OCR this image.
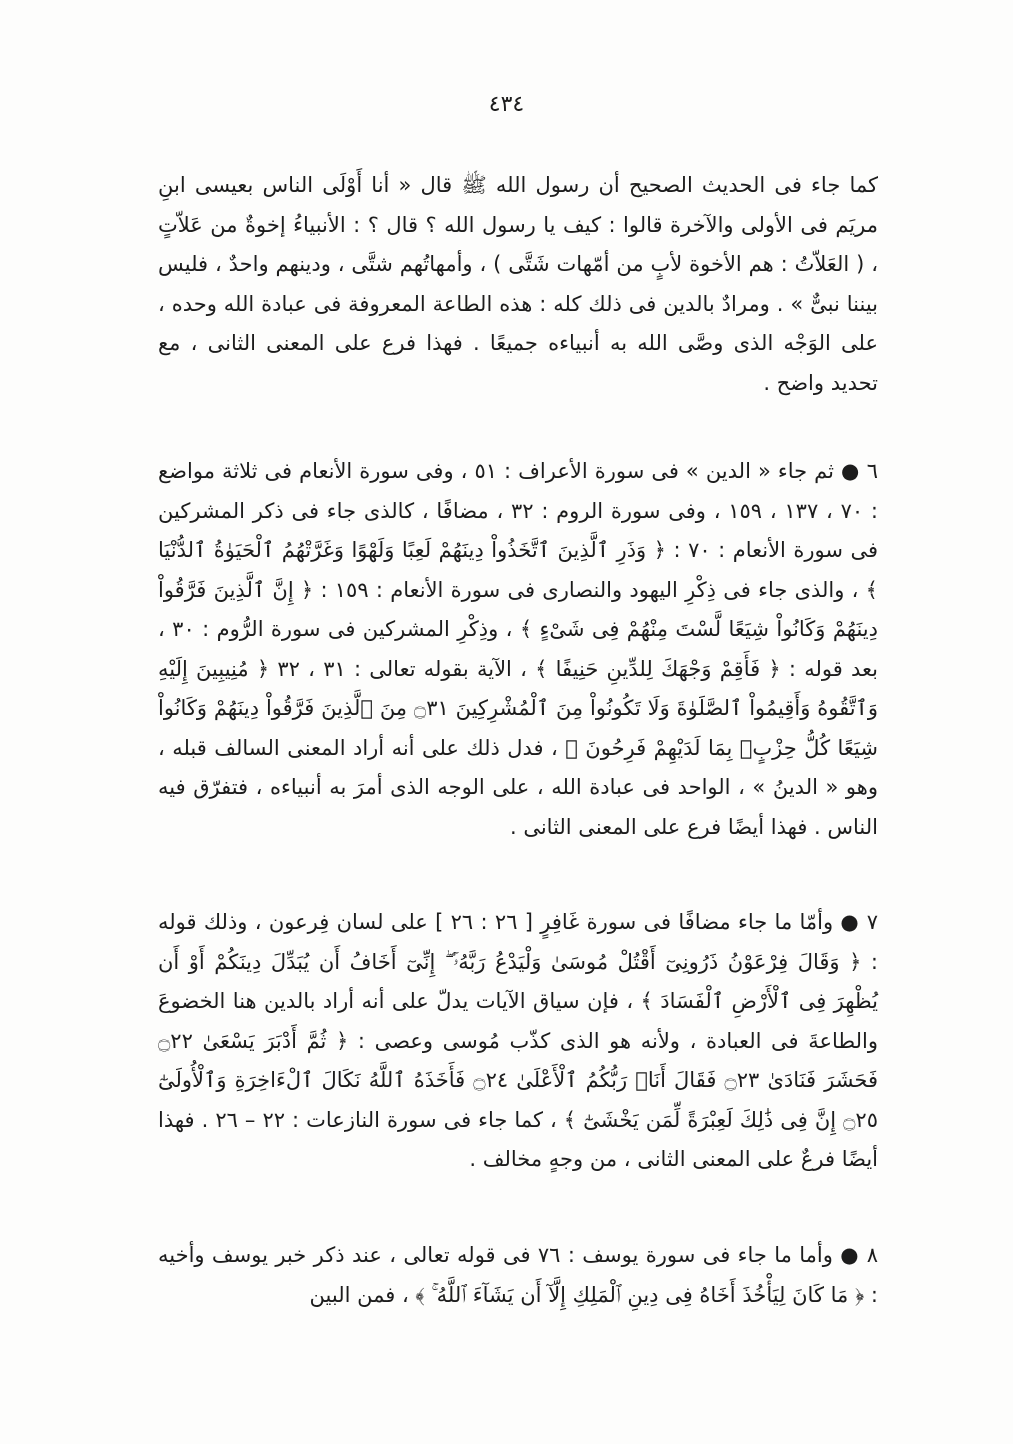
٤٣٤

كما جاء فى الحديث الصحيح أن رسول الله ﷺ قال « أنا أَوْلَى الناس بعيسى ابنِ مريَم فى الأولى والآخرة قالوا : كيف يا رسول الله ؟ قال ؟ : الأنبياءُ إخوةٌ من عَلاّتٍ ، ( العَلاّتُ : هم الأخوة لأبٍ من أمّهات شَتَّى ) ، وأمهاتُهم شتَّى ، ودينهم واحدٌ ، فليس بيننا نبىٌّ » . ومرادٌ بالدين فى ذلك كله : هذه الطاعة المعروفة فى عبادة الله وحده ، على الوَجْه الذى وصَّى الله به أنبياءه جميعًا . فهذا فرع على المعنى الثانى ، مع تحديد واضح .

٦ ● ثم جاء « الدين » فى سورة الأعراف : ٥١ ، وفى سورة الأنعام فى ثلاثة مواضع : ٧٠ ، ١٣٧ ، ١٥٩ ، وفى سورة الروم : ٣٢ ، مضافًا ، كالذى جاء فى ذكر المشركين فى سورة الأنعام : ٧٠ : ﴿ وَذَرِ ٱلَّذِينَ ٱتَّخَذُواْ دِينَهُمْ لَعِبًا وَلَهْوًا وَغَرَّتْهُمُ ٱلْحَيَوٰةُ ٱلدُّنْيَا ﴾ ، والذى جاء فى ذِكْرِ اليهود والنصارى فى سورة الأنعام : ١٥٩ : ﴿ إِنَّ ٱلَّذِينَ فَرَّقُواْ دِينَهُمْ وَكَانُواْ شِيَعًا لَّسْتَ مِنْهُمْ فِى شَىْءٍ ﴾ ، وذِكْرِ المشركين فى سورة الرُّوم : ٣٠ ، بعد قوله : ﴿ فَأَقِمْ وَجْهَكَ لِلدِّينِ حَنِيفًا ﴾ ، الآية بقوله تعالى : ٣١ ، ٣٢ ﴿ مُنِيبِينَ إِلَيْهِ وَٱتَّقُوهُ وَأَقِيمُواْ ٱلصَّلَوٰةَ وَلَا تَكُونُواْ مِنَ ٱلْمُشْرِكِينَ ۝٣١ مِنَ ٱلَّذِينَ فَرَّقُواْ دِينَهُمْ وَكَانُواْ شِيَعًا كُلُّ حِزْبٍۭ بِمَا لَدَيْهِمْ فَرِحُونَ ﴾ ، فدل ذلك على أنه أراد المعنى السالف قبله ، وهو « الدينُ » ، الواحد فى عبادة الله ، على الوجه الذى أمرَ به أنبياءه ، فتفرّق فيه الناس . فهذا أيضًا فرع على المعنى الثانى .

٧ ● وأمّا ما جاء مضافًا فى سورة غَافِرٍ [ ٢٦ : ٢٦ ] على لسان فِرعون ، وذلك قوله : ﴿ وَقَالَ فِرْعَوْنُ ذَرُونِىٓ أَقْتُلْ مُوسَىٰ وَلْيَدْعُ رَبَّهُۥٓ ۖ إِنِّىٓ أَخَافُ أَن يُبَدِّلَ دِينَكُمْ أَوْ أَن يُظْهِرَ فِى ٱلْأَرْضِ ٱلْفَسَادَ ﴾ ، فإن سياق الآيات يدلّ على أنه أراد بالدين هنا الخضوعَ والطاعةَ فى العبادة ، ولأنه هو الذى كذّب مُوسى وعصى : ﴿ ثُمَّ أَدْبَرَ يَسْعَىٰ ۝٢٢ فَحَشَرَ فَنَادَىٰ ۝٢٣ فَقَالَ أَنَا۠ رَبُّكُمُ ٱلْأَعْلَىٰ ۝٢٤ فَأَخَذَهُ ٱللَّهُ نَكَالَ ٱلْءَاخِرَةِ وَٱلْأُولَىٰٓ ۝٢٥ إِنَّ فِى ذَٰلِكَ لَعِبْرَةً لِّمَن يَخْشَىٰٓ ﴾ ، كما جاء فى سورة النازعات : ٢٢ – ٢٦ . فهذا أيضًا فرعٌ على المعنى الثانى ، من وجهٍ مخالف .

٨ ● وأما ما جاء فى سورة يوسف : ٧٦ فى قوله تعالى ، عند ذكر خبر يوسف وأخيه : ﴿ مَا كَانَ لِيَأْخُذَ أَخَاهُ فِى دِينِ ٱلْمَلِكِ إِلَّآ أَن يَشَآءَ ٱللَّهُ ۚ ﴾ ، فمن البين
